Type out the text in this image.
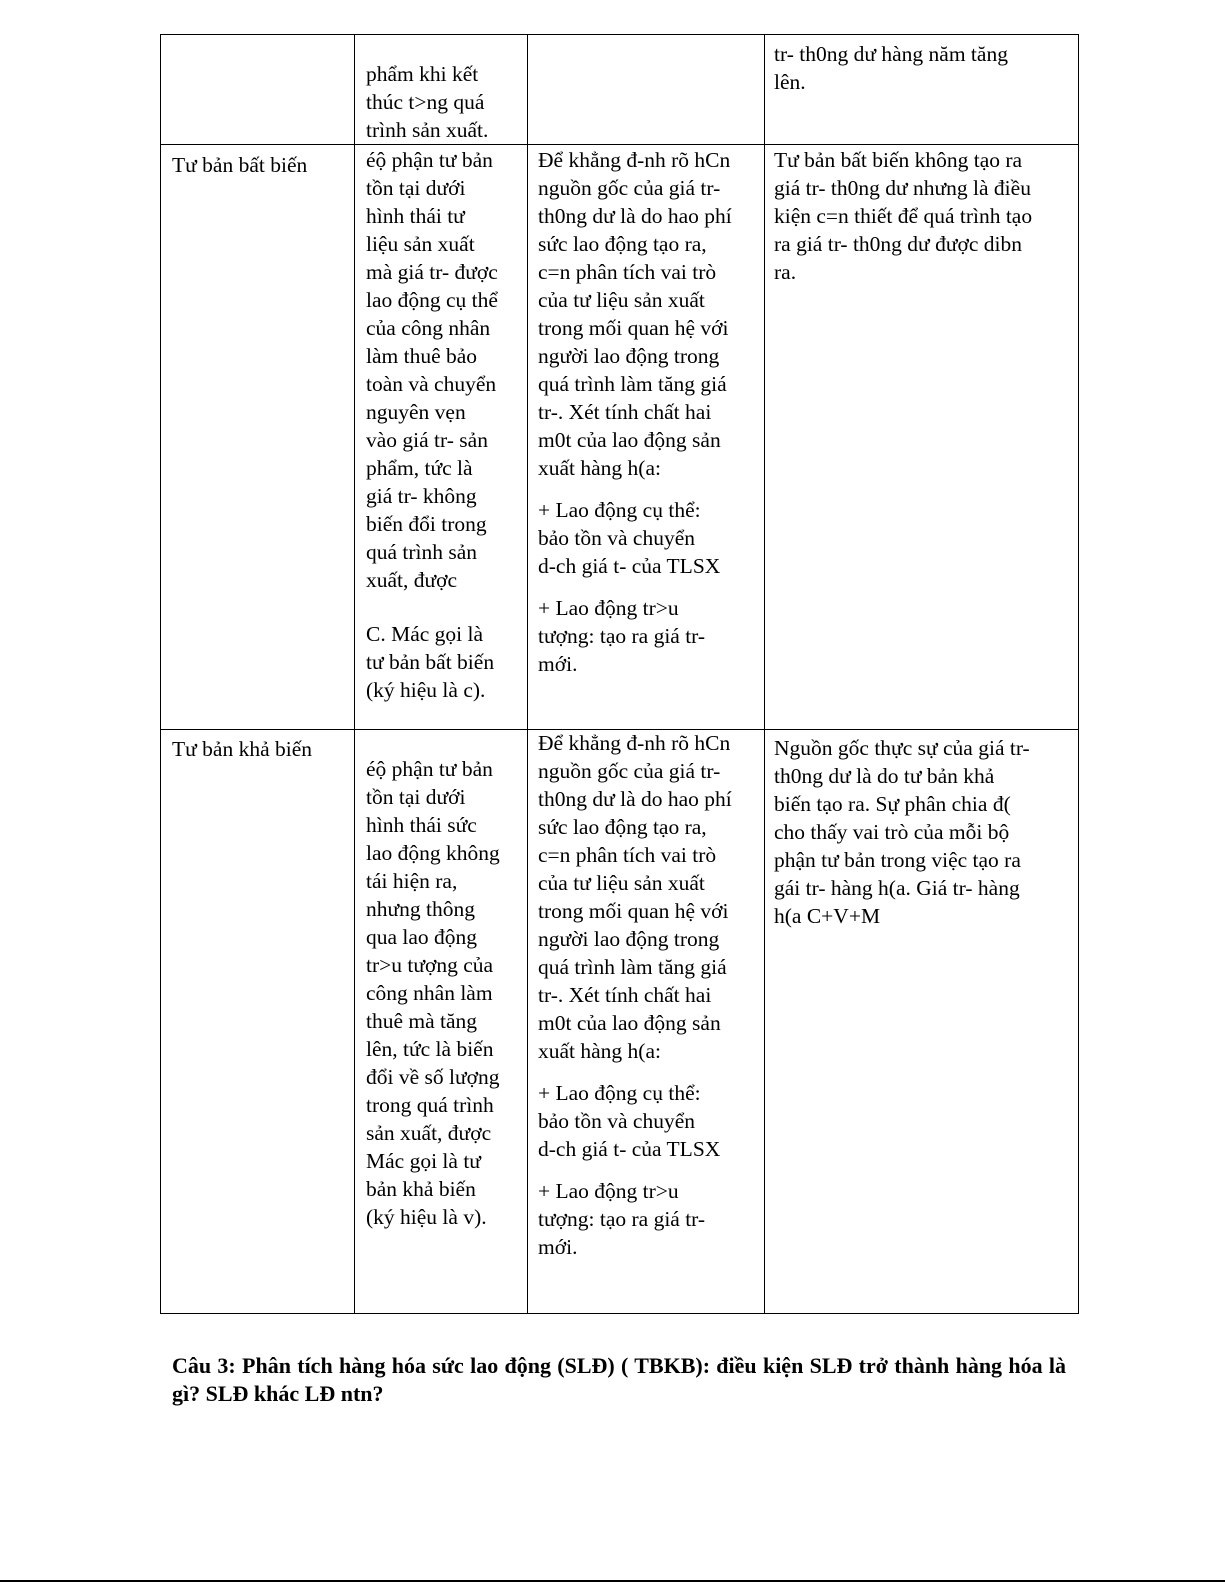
phẩm khi kết

thúc t>ng quá

trình sản xuất.

tr- th0ng dư hàng năm tăng

lên.

Tư bản bất biến	éộ phận tư bản

tồn tại dưới

hình thái tư

liệu sản xuất

mà giá tr- được

lao động cụ thể

của công nhân

làm thuê bảo

toàn và chuyển

nguyên vẹn

vào giá tr- sản

phẩm, tức là

giá tr- không

biến đổi trong

quá trình sản

xuất, được

C. Mác gọi là

tư bản bất biến

(ký hiệu là c).

Để khẳng đ-nh rõ hCn

nguồn gốc của giá tr-

th0ng dư là do hao phí

sức lao động tạo ra,

c=n phân tích vai trò

của tư liệu sản xuất

trong mối quan hệ với

người lao động trong

quá trình làm tăng giá

tr-. Xét tính chất hai

m0t của lao động sản

xuất hàng h(a:

+ Lao động cụ thể:

bảo tồn và chuyển

d-ch giá t- của TLSX

+ Lao động tr>u

tượng: tạo ra giá tr-

mới.

Tư bản bất biến không tạo ra

giá tr- th0ng dư nhưng là điều

kiện c=n thiết để quá trình tạo

ra giá tr- th0ng dư được dibn

ra.

Tư bản khả biến

éộ phận tư bản

tồn tại dưới

hình thái sức

lao động không

tái hiện ra,

nhưng thông

qua lao động

tr>u tượng của

công nhân làm

thuê mà tăng

lên, tức là biến

đổi về số lượng

trong quá trình

sản xuất, được

Mác gọi là tư

bản khả biến

(ký hiệu là v).

Để khẳng đ-nh rõ hCn

nguồn gốc của giá tr-

th0ng dư là do hao phí

sức lao động tạo ra,

c=n phân tích vai trò

của tư liệu sản xuất

trong mối quan hệ với

người lao động trong

quá trình làm tăng giá

tr-. Xét tính chất hai

m0t của lao động sản

xuất hàng h(a:

+ Lao động cụ thể:

bảo tồn và chuyển

d-ch giá t- của TLSX

+ Lao động tr>u

tượng: tạo ra giá tr-

mới.

Nguồn gốc thực sự của giá tr-

th0ng dư là do tư bản khả

biến tạo ra. Sự phân chia đ(

cho thấy vai trò của mỗi bộ

phận tư bản trong việc tạo ra

gái tr- hàng h(a. Giá tr- hàng

h(a C+V+M

Câu 3: Phân tích hàng hóa sức lao động (SLĐ) ( TBKB): điều kiện SLĐ trở thành hàng hóa là gì? SLĐ khác LĐ ntn?
